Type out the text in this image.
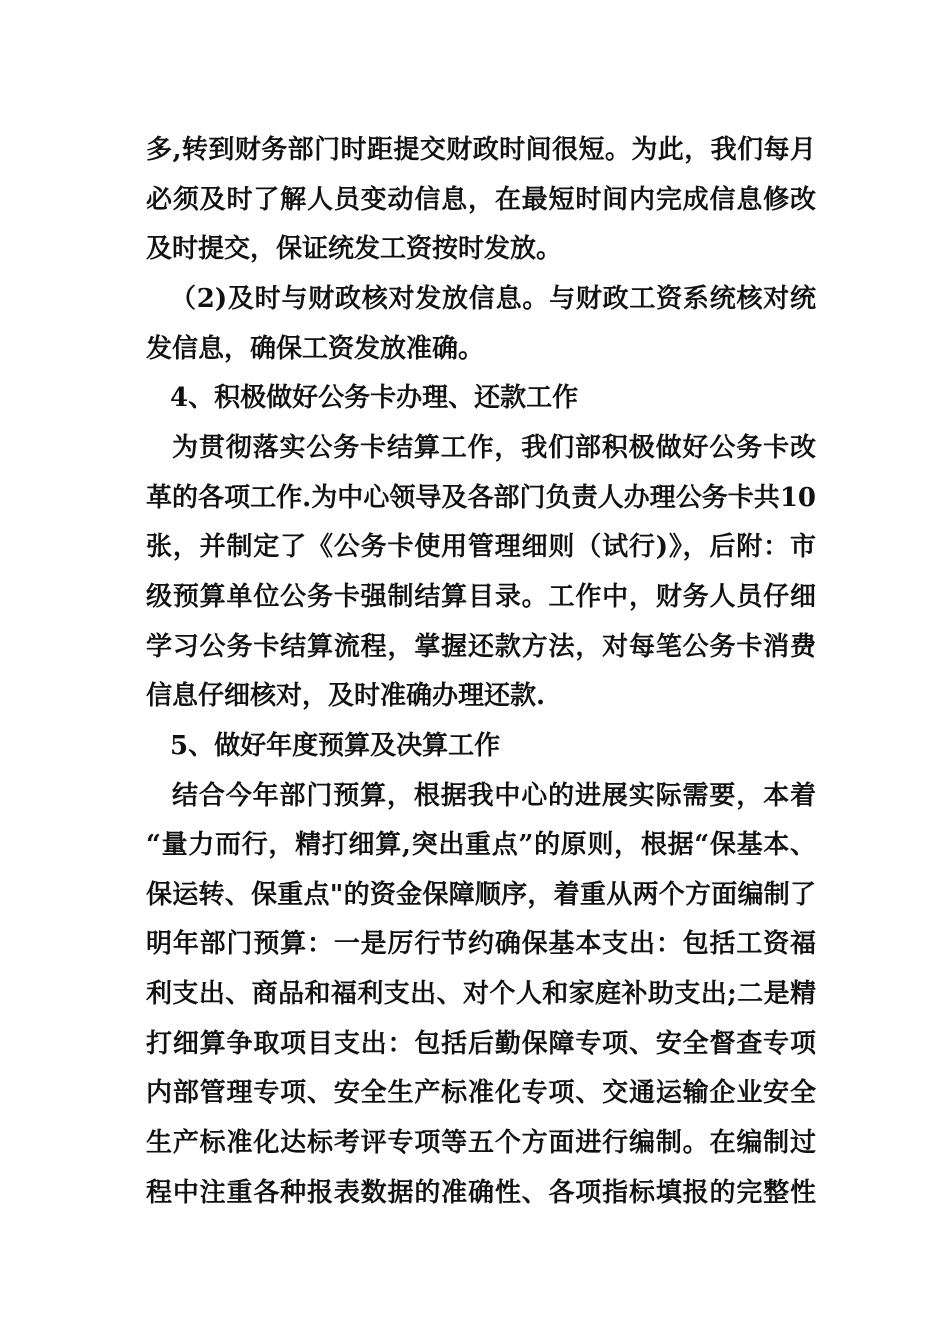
多,转到财务部门时距提交财政时间很短。为此，我们每月
必须及时了解人员变动信息，在最短时间内完成信息修改
及时提交，保证统发工资按时发放。
（2)及时与财政核对发放信息。与财政工资系统核对统
发信息，确保工资发放准确。
4、积极做好公务卡办理、还款工作
为贯彻落实公务卡结算工作，我们部积极做好公务卡改
革的各项工作.为中心领导及各部门负责人办理公务卡共10
张，并制定了《公务卡使用管理细则（试行)》，后附：市
级预算单位公务卡强制结算目录。工作中，财务人员仔细
学习公务卡结算流程，掌握还款方法，对每笔公务卡消费
信息仔细核对，及时准确办理还款.
5、做好年度预算及决算工作
结合今年部门预算，根据我中心的进展实际需要，本着
“量力而行，精打细算,突出重点”的原则，根据“保基本、
保运转、保重点"的资金保障顺序，着重从两个方面编制了
明年部门预算：一是厉行节约确保基本支出：包括工资福
利支出、商品和福利支出、对个人和家庭补助支出;二是精
打细算争取项目支出：包括后勤保障专项、安全督查专项
内部管理专项、安全生产标准化专项、交通运输企业安全
生产标准化达标考评专项等五个方面进行编制。在编制过
程中注重各种报表数据的准确性、各项指标填报的完整性
